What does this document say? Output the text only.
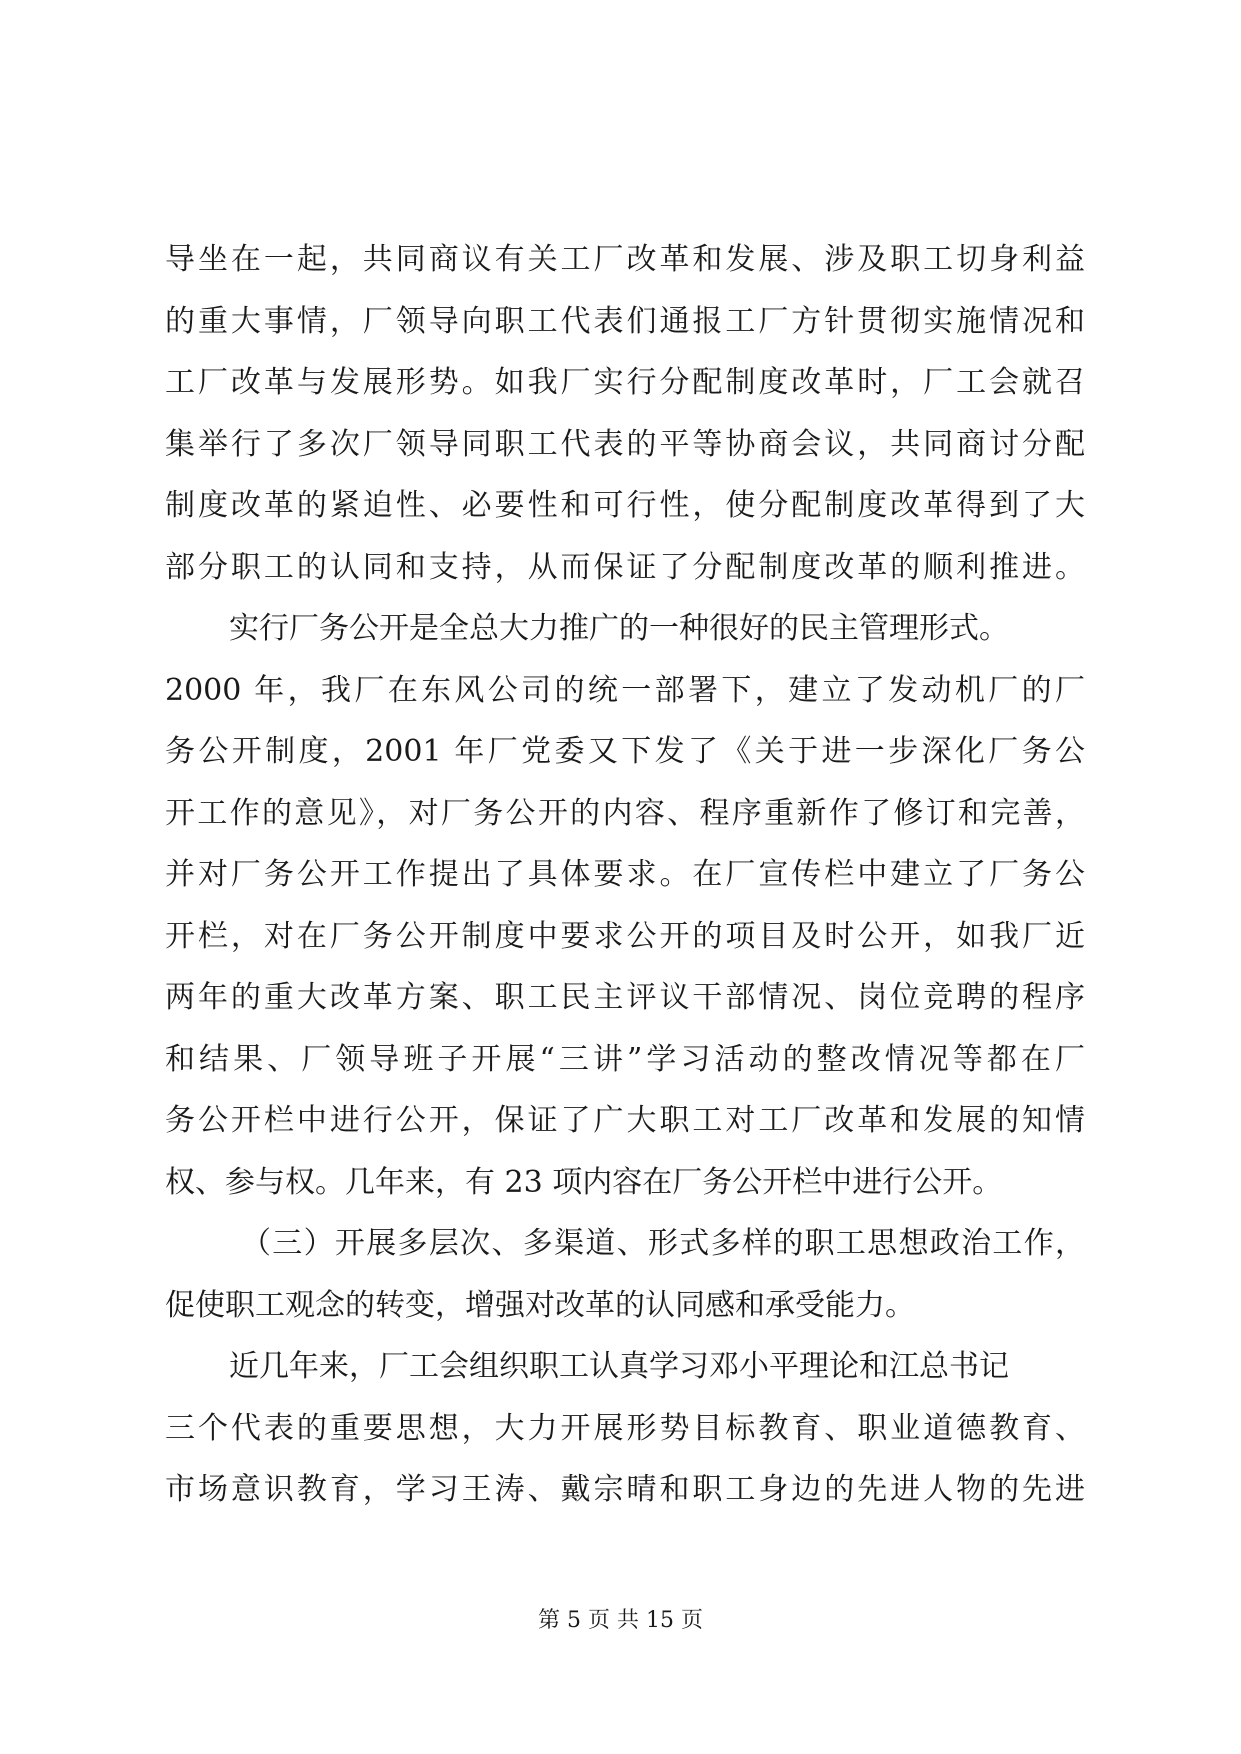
导坐在一起，共同商议有关工厂改革和发展、涉及职工切身利益
的重大事情，厂领导向职工代表们通报工厂方针贯彻实施情况和
工厂改革与发展形势。如我厂实行分配制度改革时，厂工会就召
集举行了多次厂领导同职工代表的平等协商会议，共同商讨分配
制度改革的紧迫性、必要性和可行性，使分配制度改革得到了大
部分职工的认同和支持，从而保证了分配制度改革的顺利推进。
实行厂务公开是全总大力推广的一种很好的民主管理形式。
2000 年，我厂在东风公司的统一部署下，建立了发动机厂的厂
务公开制度，2001 年厂党委又下发了《关于进一步深化厂务公
开工作的意见》，对厂务公开的内容、程序重新作了修订和完善，
并对厂务公开工作提出了具体要求。在厂宣传栏中建立了厂务公
开栏，对在厂务公开制度中要求公开的项目及时公开，如我厂近
两年的重大改革方案、职工民主评议干部情况、岗位竞聘的程序
和结果、厂领导班子开展“三讲”学习活动的整改情况等都在厂
务公开栏中进行公开，保证了广大职工对工厂改革和发展的知情
权、参与权。几年来，有 23 项内容在厂务公开栏中进行公开。
（三）开展多层次、多渠道、形式多样的职工思想政治工作，
促使职工观念的转变，增强对改革的认同感和承受能力。
近几年来，厂工会组织职工认真学习邓小平理论和江总书记
三个代表的重要思想，大力开展形势目标教育、职业道德教育、
市场意识教育，学习王涛、戴宗晴和职工身边的先进人物的先进
第 5 页 共 15 页
